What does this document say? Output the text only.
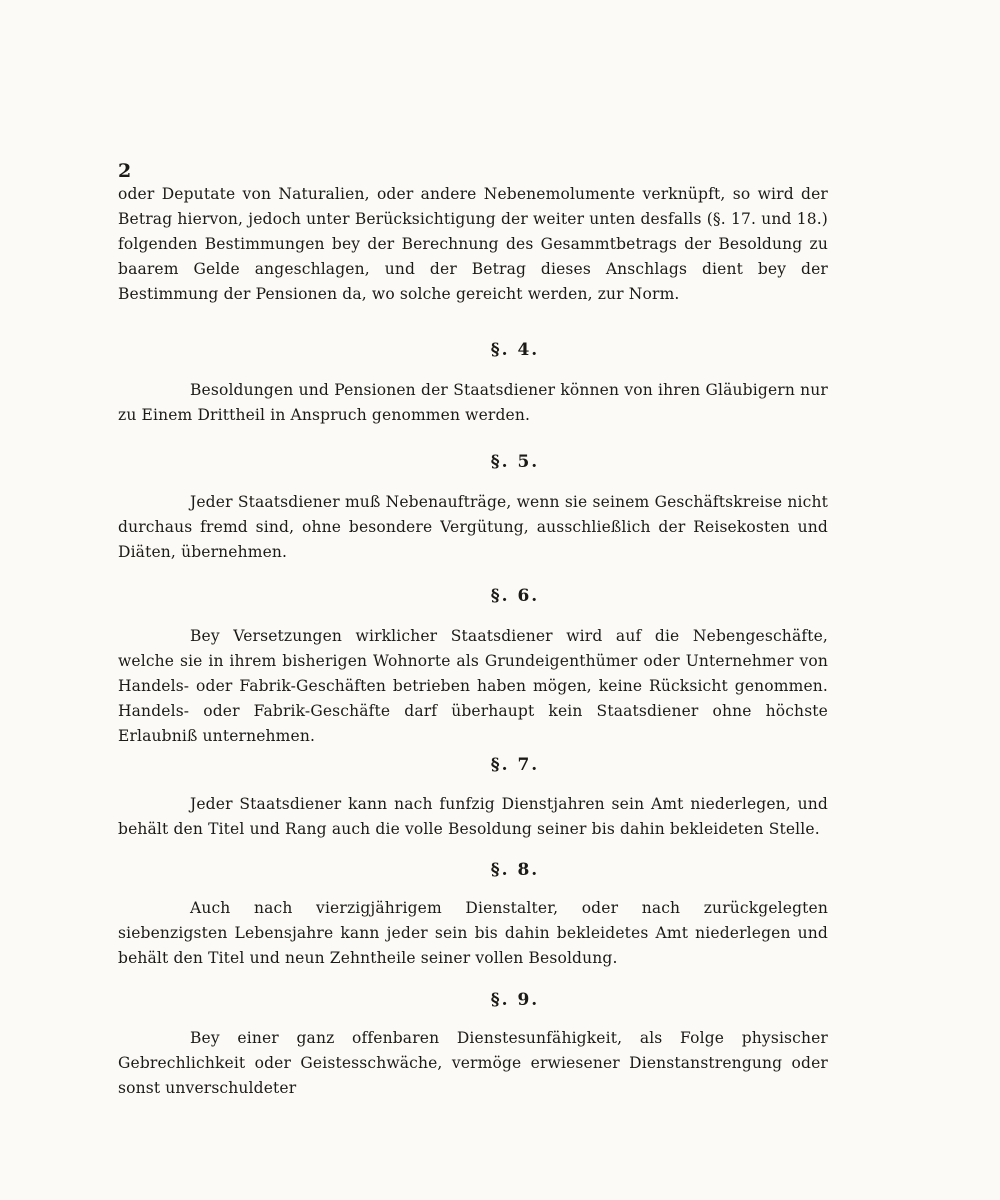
2

oder Deputate von Naturalien, oder andere Nebenemolumente verknüpft, so wird der Betrag hiervon, jedoch unter Berücksichtigung der weiter unten desfalls (§. 17. und 18.) folgenden Bestimmungen bey der Berechnung des Gesammtbetrags der Besoldung zu baarem Gelde angeschlagen, und der Betrag dieses Anschlags dient bey der Bestimmung der Pensionen da, wo solche gereicht werden, zur Norm.

§. 4.

Besoldungen und Pensionen der Staatsdiener können von ihren Gläubigern nur zu Einem Drittheil in Anspruch genommen werden.

§. 5.

Jeder Staatsdiener muß Nebenaufträge, wenn sie seinem Geschäftskreise nicht durchaus fremd sind, ohne besondere Vergütung, ausschließlich der Reisekosten und Diäten, übernehmen.

§. 6.

Bey Versetzungen wirklicher Staatsdiener wird auf die Nebengeschäfte, welche sie in ihrem bisherigen Wohnorte als Grundeigenthümer oder Unternehmer von Handels- oder Fabrik-Geschäften betrieben haben mögen, keine Rücksicht genommen. Handels- oder Fabrik-Geschäfte darf überhaupt kein Staatsdiener ohne höchste Erlaubniß unternehmen.

§. 7.

Jeder Staatsdiener kann nach funfzig Dienstjahren sein Amt niederlegen, und behält den Titel und Rang auch die volle Besoldung seiner bis dahin bekleideten Stelle.

§. 8.

Auch nach vierzigjährigem Dienstalter, oder nach zurückgelegten siebenzigsten Lebensjahre kann jeder sein bis dahin bekleidetes Amt niederlegen und behält den Titel und neun Zehntheile seiner vollen Besoldung.

§. 9.

Bey einer ganz offenbaren Dienstesunfähigkeit, als Folge physischer Gebrechlichkeit oder Geistesschwäche, vermöge erwiesener Dienstanstrengung oder sonst unverschuldeter
